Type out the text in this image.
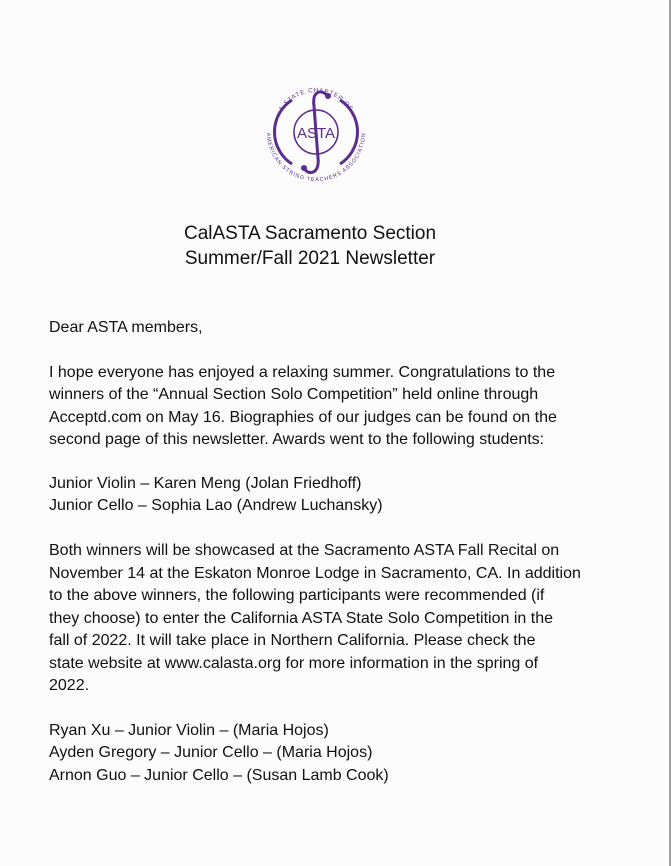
ASTA
A STATE CHAPTER OF
AMERICAN STRING TEACHERS ASSOCIATION
CalASTA Sacramento Section
Summer/Fall 2021 Newsletter
Dear ASTA members,
I hope everyone has enjoyed a relaxing summer. Congratulations to the
winners of the “Annual Section Solo Competition” held online through
Acceptd.com on May 16. Biographies of our judges can be found on the
second page of this newsletter. Awards went to the following students:
Junior Violin – Karen Meng (Jolan Friedhoff)
Junior Cello – Sophia Lao (Andrew Luchansky)
Both winners will be showcased at the Sacramento ASTA Fall Recital on
November 14 at the Eskaton Monroe Lodge in Sacramento, CA. In addition
to the above winners, the following participants were recommended (if
they choose) to enter the California ASTA State Solo Competition in the
fall of 2022. It will take place in Northern California. Please check the
state website at www.calasta.org for more information in the spring of
2022.
Ryan Xu – Junior Violin – (Maria Hojos)
Ayden Gregory – Junior Cello – (Maria Hojos)
Arnon Guo – Junior Cello – (Susan Lamb Cook)
